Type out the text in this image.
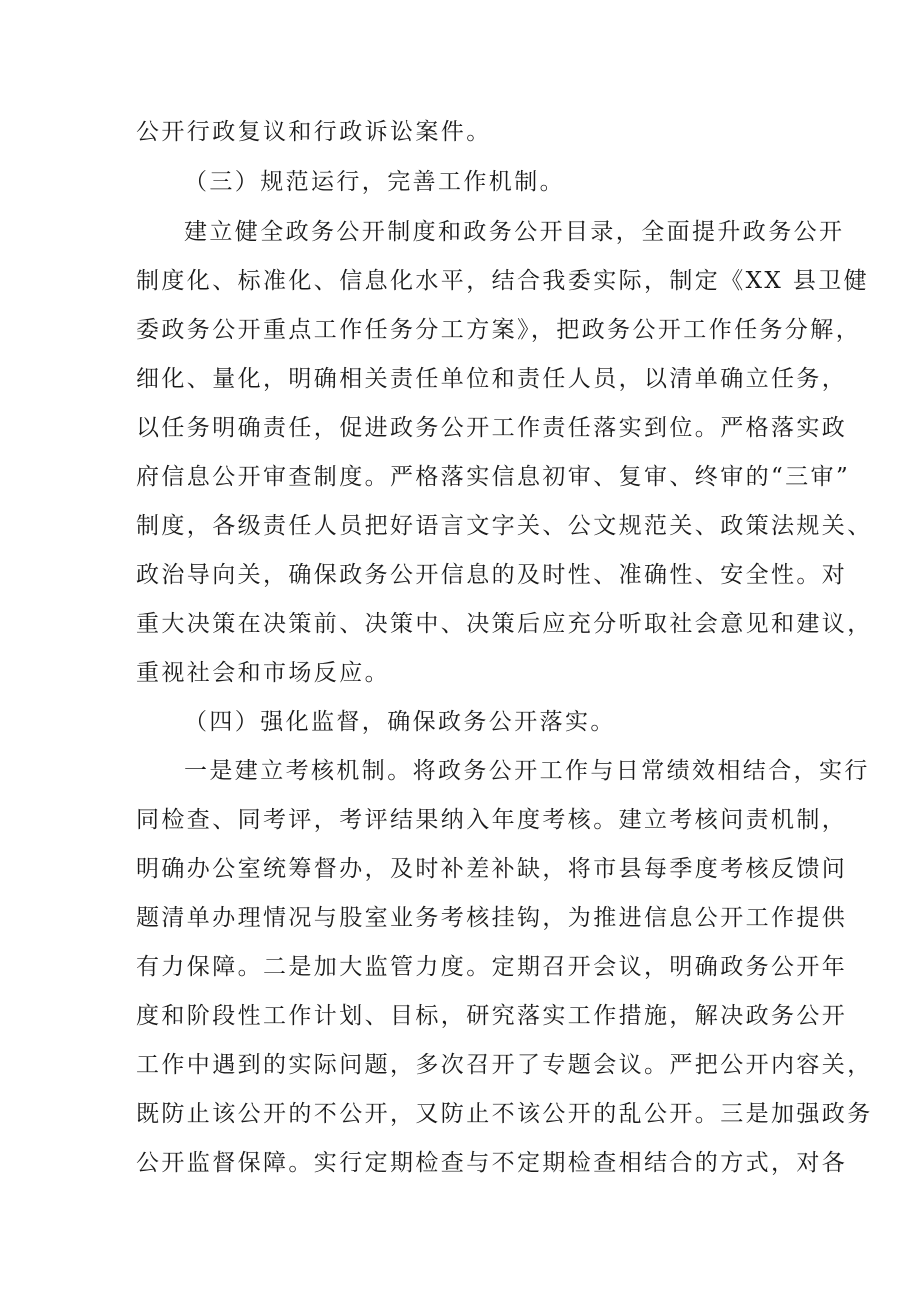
公开行政复议和行政诉讼案件。
（三）规范运行，完善工作机制。
建立健全政务公开制度和政务公开目录，全面提升政务公开
制度化、标准化、信息化水平，结合我委实际，制定《XX 县卫健
委政务公开重点工作任务分工方案》，把政务公开工作任务分解，
细化、量化，明确相关责任单位和责任人员，以清单确立任务，
以任务明确责任，促进政务公开工作责任落实到位。严格落实政
府信息公开审查制度。严格落实信息初审、复审、终审的“三审”
制度，各级责任人员把好语言文字关、公文规范关、政策法规关、
政治导向关，确保政务公开信息的及时性、准确性、安全性。对
重大决策在决策前、决策中、决策后应充分听取社会意见和建议，
重视社会和市场反应。
（四）强化监督，确保政务公开落实。
一是建立考核机制。将政务公开工作与日常绩效相结合，实行
同检查、同考评，考评结果纳入年度考核。建立考核问责机制，
明确办公室统筹督办，及时补差补缺，将市县每季度考核反馈问
题清单办理情况与股室业务考核挂钩，为推进信息公开工作提供
有力保障。二是加大监管力度。定期召开会议，明确政务公开年
度和阶段性工作计划、目标，研究落实工作措施，解决政务公开
工作中遇到的实际问题，多次召开了专题会议。严把公开内容关，
既防止该公开的不公开，又防止不该公开的乱公开。三是加强政务
公开监督保障。实行定期检查与不定期检查相结合的方式，对各
